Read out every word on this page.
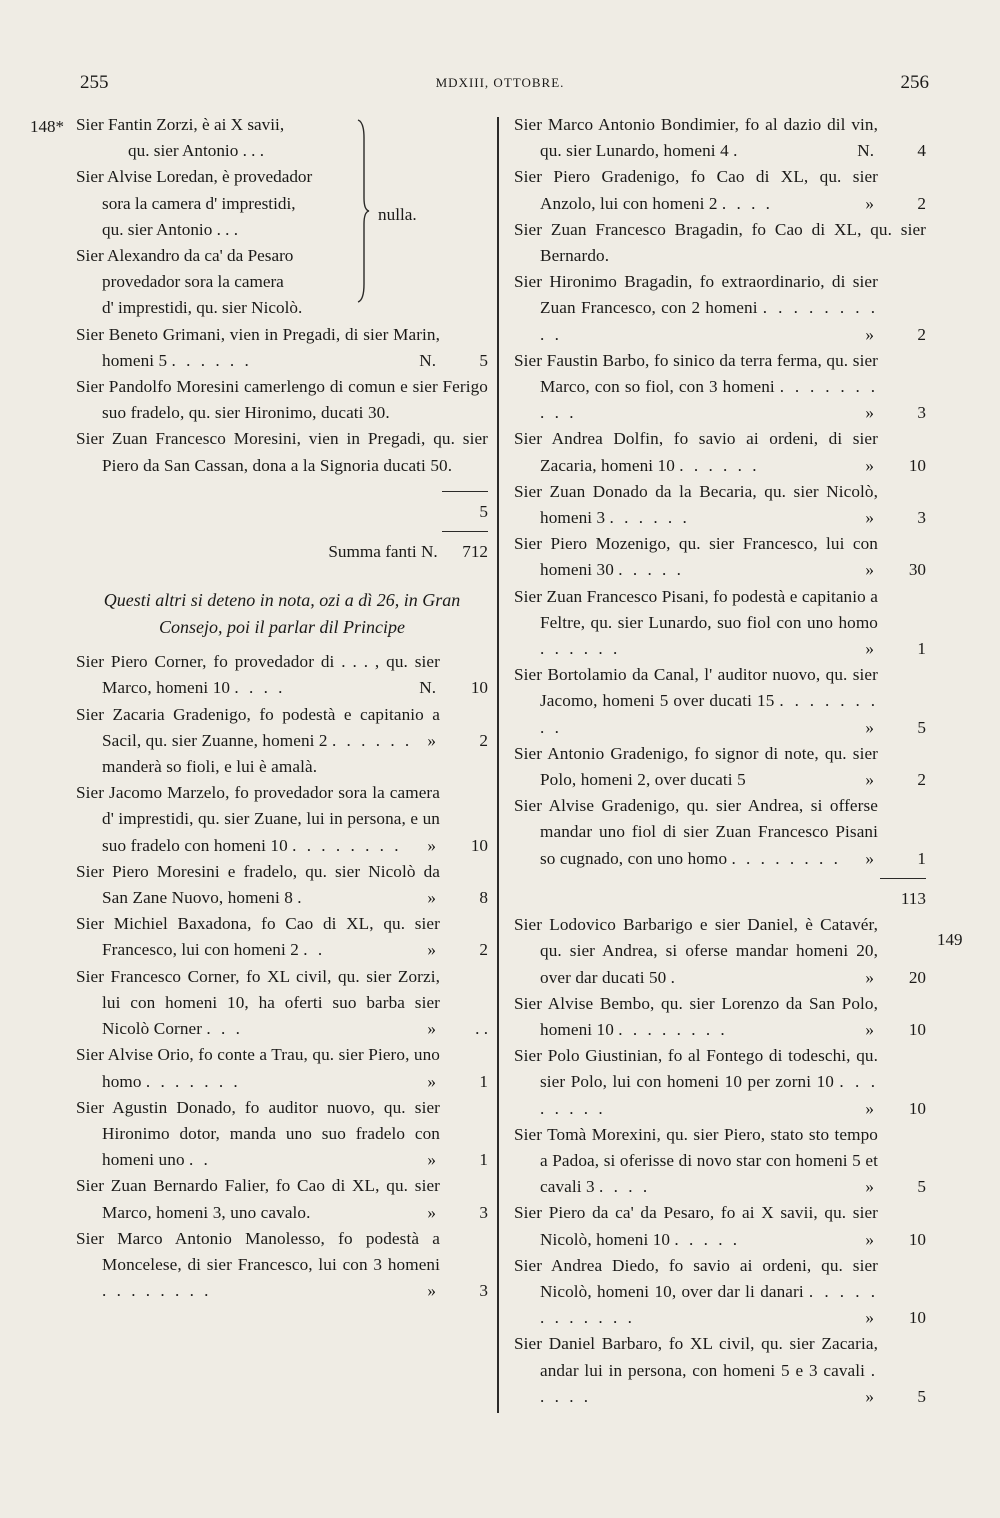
255	MDXIII, OTTOBRE.	256
148*
149
Sier Fantin Zorzi, è ai X savii,
qu. sier Antonio . . .
Sier Alvise Loredan, è provedador
sora la camera d' imprestidi,
qu. sier Antonio . . .
Sier Alexandro da ca' da Pesaro
provedador sora la camera
d' imprestidi, qu. sier Nicolò.
nulla.
Sier Beneto Grimani, vien in Pregadi, di sier Marin, homeni 5 . . . . . .	N.	5
Sier Pandolfo Moresini camerlengo di comun e sier Ferigo suo fradelo, qu. sier Hironimo, ducati 30.
Sier Zuan Francesco Moresini, vien in Pregadi, qu. sier Piero da San Cassan, dona a la Signoria ducati 50.
5
Summa fanti N. 712
Questi altri si deteno in nota, ozi a dì 26, in Gran Consejo, poi il parlar dil Principe
Sier Piero Corner, fo provedador di . . . , qu. sier Marco, homeni 10 . . . .	N.	10
Sier Zacaria Gradenigo, fo podestà e capitanio a Sacil, qu. sier Zuanne, homeni 2 . . . . . . »	2
manderà so fioli, e lui è amalà.
Sier Jacomo Marzelo, fo provedador sora la camera d' imprestidi, qu. sier Zuane, lui in persona, e un suo fradelo con homeni 10 . . . . . . . . »	10
Sier Piero Moresini e fradelo, qu. sier Nicolò da San Zane Nuovo, homeni 8 .	»	8
Sier Michiel Baxadona, fo Cao di XL, qu. sier Francesco, lui con homeni 2 . .	»	2
Sier Francesco Corner, fo XL civil, qu. sier Zorzi, lui con homeni 10, ha oferti suo barba sier Nicolò Corner . . .	»	. .
Sier Alvise Orio, fo conte a Trau, qu. sier Piero, uno homo . . . . . . .	»	1
Sier Agustin Donado, fo auditor nuovo, qu. sier Hironimo dotor, manda uno suo fradelo con homeni uno . .	»	1
Sier Zuan Bernardo Falier, fo Cao di XL, qu. sier Marco, homeni 3, uno cavalo.	»	3
Sier Marco Antonio Manolesso, fo podestà a Moncelese, di sier Francesco, lui con 3 homeni . . . . . . . .	»	3
Sier Marco Antonio Bondimier, fo al dazio dil vin, qu. sier Lunardo, homeni 4 .	N.	4
Sier Piero Gradenigo, fo Cao di XL, qu. sier Anzolo, lui con homeni 2 . . . .	»	2
Sier Zuan Francesco Bragadin, fo Cao di XL, qu. sier Bernardo.
Sier Hironimo Bragadin, fo extraordinario, di sier Zuan Francesco, con 2 homeni . . . . . . . . . .	»	2
Sier Faustin Barbo, fo sinico da terra ferma, qu. sier Marco, con so fiol, con 3 homeni . . . . . . . . . .	»	3
Sier Andrea Dolfin, fo savio ai ordeni, di sier Zacaria, homeni 10 . . . . . .	»	10
Sier Zuan Donado da la Becaria, qu. sier Nicolò, homeni 3 . . . . . .	»	3
Sier Piero Mozenigo, qu. sier Francesco, lui con homeni 30 . . . . .	»	30
Sier Zuan Francesco Pisani, fo podestà e capitanio a Feltre, qu. sier Lunardo, suo fiol con uno homo . . . . . .	»	1
Sier Bortolamio da Canal, l' auditor nuovo, qu. sier Jacomo, homeni 5 over ducati 15 . . . . . . . . .	»	5
Sier Antonio Gradenigo, fo signor di note, qu. sier Polo, homeni 2, over ducati 5	»	2
Sier Alvise Gradenigo, qu. sier Andrea, si offerse mandar uno fiol di sier Zuan Francesco Pisani so cugnado, con uno homo . . . . . . . . »	1
113
Sier Lodovico Barbarigo e sier Daniel, è Catavér, qu. sier Andrea, si oferse mandar homeni 20, over dar ducati 50 .	»	20
Sier Alvise Bembo, qu. sier Lorenzo da San Polo, homeni 10 . . . . . . . .	»	10
Sier Polo Giustinian, fo al Fontego di todeschi, qu. sier Polo, lui con homeni 10 per zorni 10 . . . . . . . .	»	10
Sier Tomà Morexini, qu. sier Piero, stato sto tempo a Padoa, si oferisse di novo star con homeni 5 et cavali 3 . . . .	»	5
Sier Piero da ca' da Pesaro, fo ai X savii, qu. sier Nicolò, homeni 10 . . . . .	»	10
Sier Andrea Diedo, fo savio ai ordeni, qu. sier Nicolò, homeni 10, over dar li danari . . . . . . . . . . . .	»	10
Sier Daniel Barbaro, fo XL civil, qu. sier Zacaria, andar lui in persona, con homeni 5 e 3 cavali . . . . .	»	5
